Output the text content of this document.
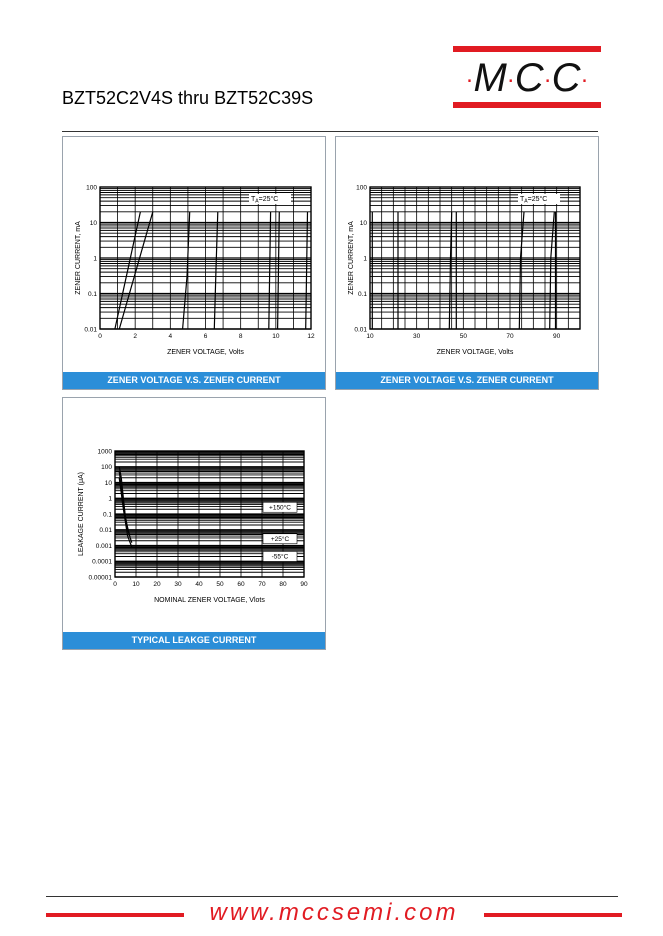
BZT52C2V4S thru BZT52C39S
·M·C·C·
0	2	4	6	8	10	12
0.01
0.1
1
10
100
ZENER VOLTAGE, Volts
ZENER CURRENT, mA
$T_A=25^\circ C$
ZENER VOLTAGE V.S. ZENER CURRENT
10	30	50	70	90
0.01
0.1
1
10
100
ZENER VOLTAGE, Volts
ZENER CURRENT, mA
$T_A=25^\circ C$
ZENER VOLTAGE V.S. ZENER CURRENT
0 10 20 30 40 50 60 70 80 90
0.00001
0.0001
0.001
0.01
0.1
1
10
100
1000
NOMINAL ZENER VOLTAGE, Vlots
LEAKAGE CURRENT (μA)	+150°C
+25°C
-55°C
TYPICAL LEAKGE CURRENT
www.mccsemi.com
